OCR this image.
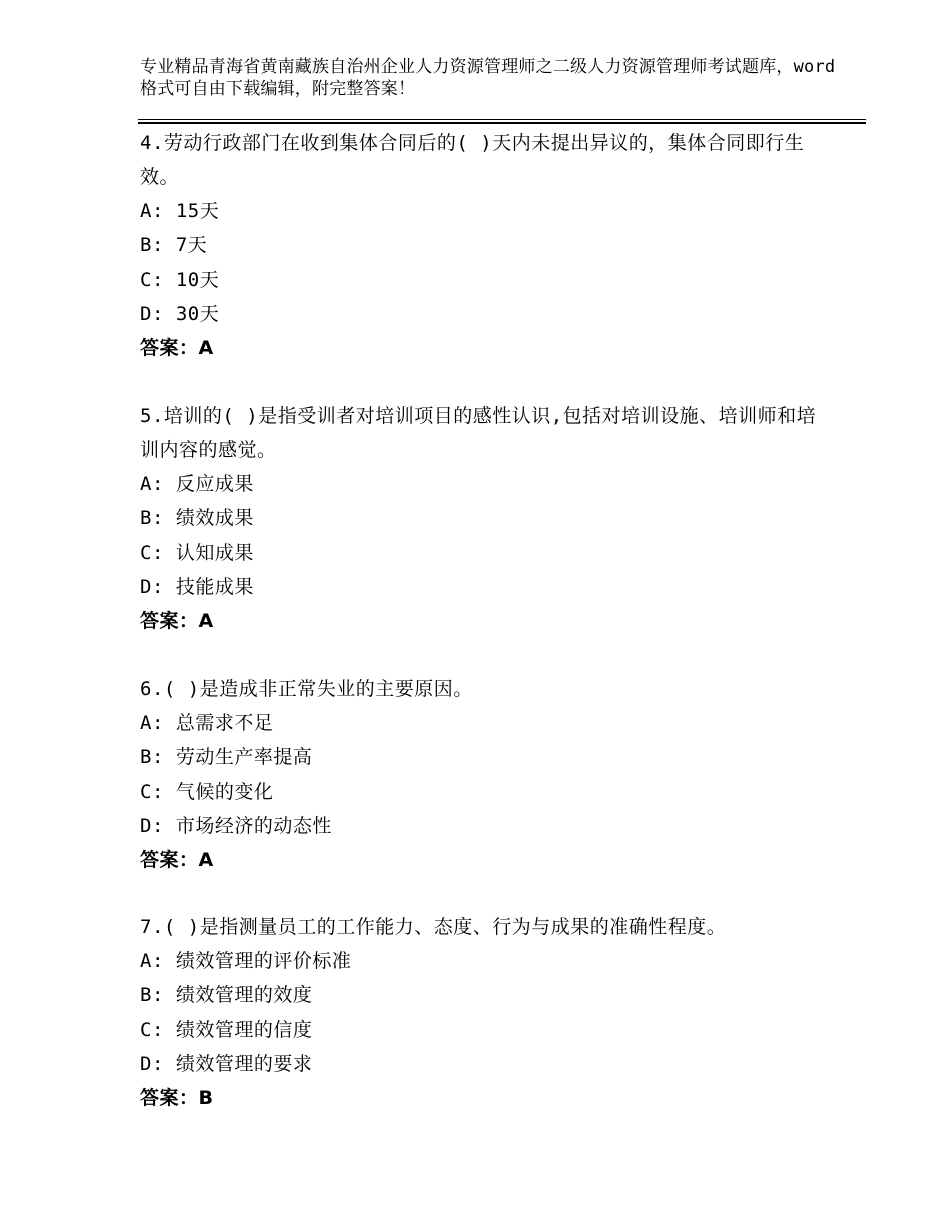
专业精品青海省黄南藏族自治州企业人力资源管理师之二级人力资源管理师考试题库，word格式可自由下载编辑，附完整答案！

4.劳动行政部门在收到集体合同后的( )天内未提出异议的，集体合同即行生效。

A: 15天

B: 7天

C: 10天

D: 30天

答案：A

5.培训的( )是指受训者对培训项目的感性认识,包括对培训设施、培训师和培训内容的感觉。

A: 反应成果

B: 绩效成果

C: 认知成果

D: 技能成果

答案：A

6.( )是造成非正常失业的主要原因。

A: 总需求不足

B: 劳动生产率提高

C: 气候的变化

D: 市场经济的动态性

答案：A

7.( )是指测量员工的工作能力、态度、行为与成果的准确性程度。

A: 绩效管理的评价标准

B: 绩效管理的效度

C: 绩效管理的信度

D: 绩效管理的要求

答案：B
